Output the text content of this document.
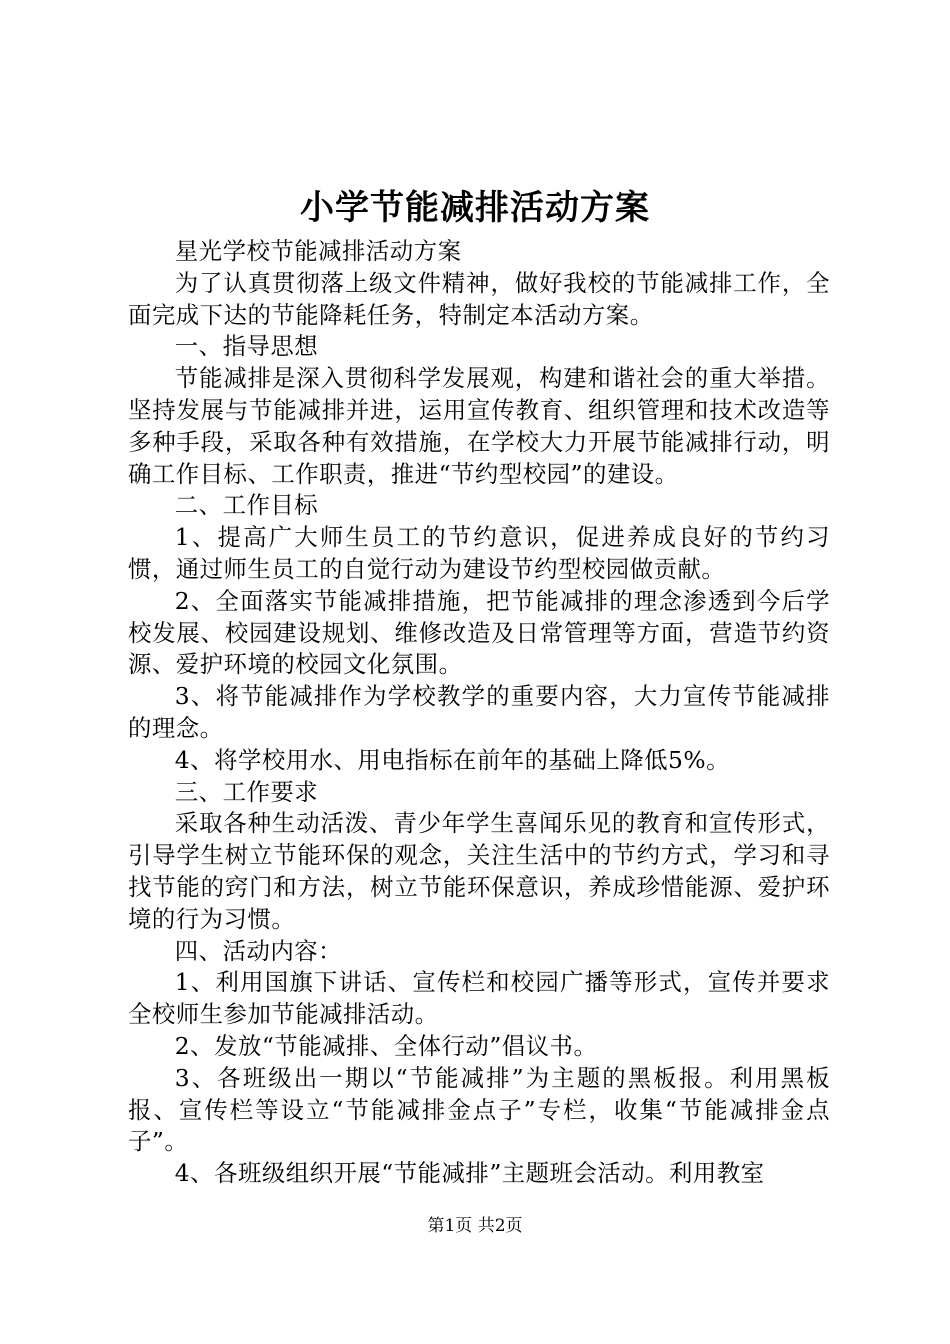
小学节能减排活动方案

星光学校节能减排活动方案

为了认真贯彻落上级文件精神，做好我校的节能减排工作，全面完成下达的节能降耗任务，特制定本活动方案。

一、指导思想

节能减排是深入贯彻科学发展观，构建和谐社会的重大举措。坚持发展与节能减排并进，运用宣传教育、组织管理和技术改造等多种手段，采取各种有效措施，在学校大力开展节能减排行动，明确工作目标、工作职责，推进“节约型校园”的建设。

二、工作目标

1、提高广大师生员工的节约意识，促进养成良好的节约习惯，通过师生员工的自觉行动为建设节约型校园做贡献。

2、全面落实节能减排措施，把节能减排的理念渗透到今后学校发展、校园建设规划、维修改造及日常管理等方面，营造节约资源、爱护环境的校园文化氛围。

3、将节能减排作为学校教学的重要内容，大力宣传节能减排的理念。

4、将学校用水、用电指标在前年的基础上降低5%。

三、工作要求

采取各种生动活泼、青少年学生喜闻乐见的教育和宣传形式，引导学生树立节能环保的观念，关注生活中的节约方式，学习和寻找节能的窍门和方法，树立节能环保意识，养成珍惜能源、爱护环境的行为习惯。

四、活动内容：

1、利用国旗下讲话、宣传栏和校园广播等形式，宣传并要求全校师生参加节能减排活动。

2、发放“节能减排、全体行动”倡议书。

3、各班级出一期以“节能减排”为主题的黑板报。利用黑板报、宣传栏等设立“节能减排金点子”专栏，收集“节能减排金点子”。

4、各班级组织开展“节能减排”主题班会活动。利用教室

第1页 共2页
